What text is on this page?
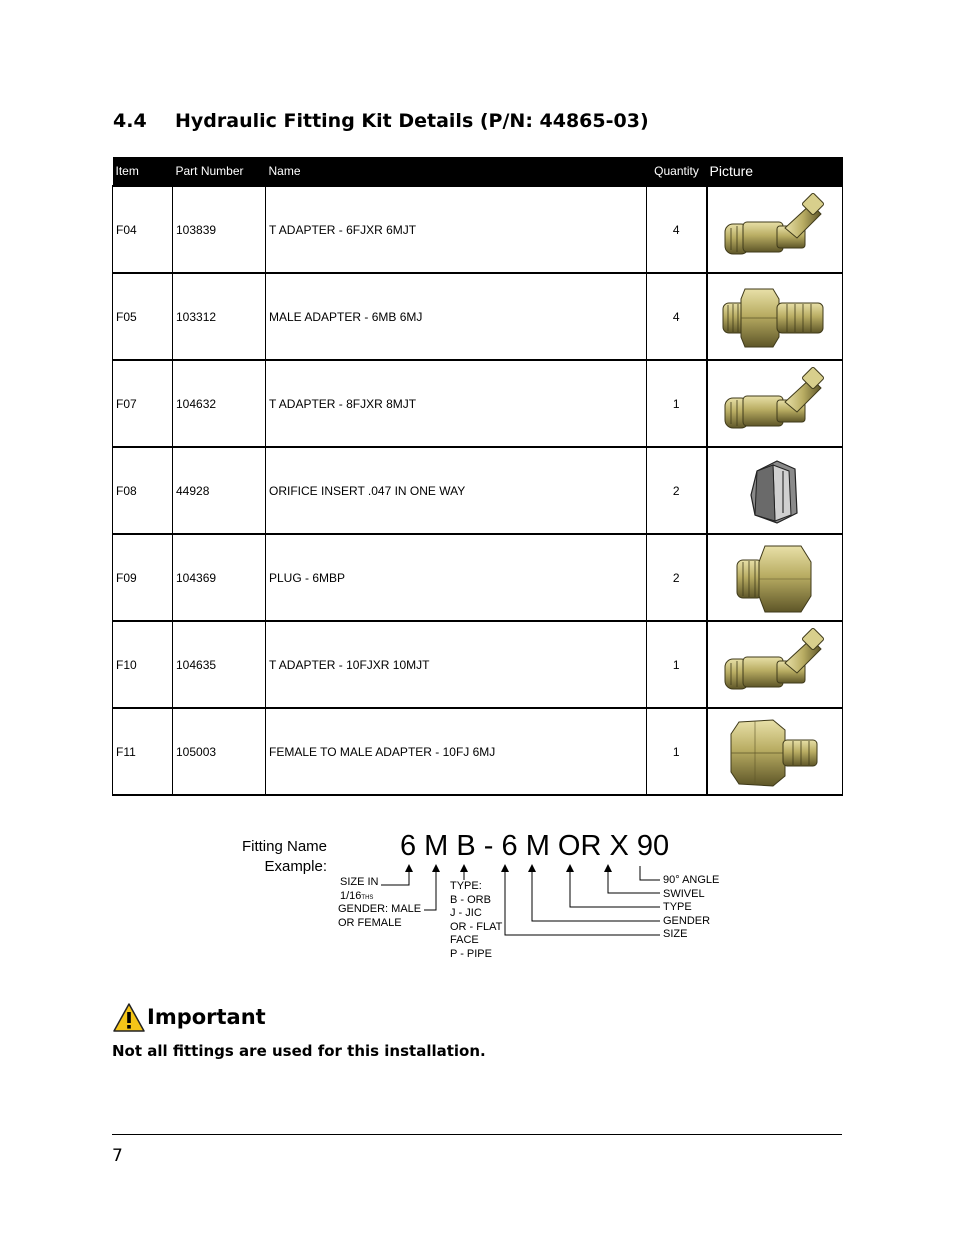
4.4 Hydraulic Fitting Kit Details (P/N: 44865-03)
Item	Part Number	Name	Quantity	Picture
F04	103839	T ADAPTER - 6FJXR 6MJT	4	

F05	103312	MALE ADAPTER - 6MB 6MJ	4	

F07	104632	T ADAPTER - 8FJXR 8MJT	1	

F08	44928	ORIFICE INSERT .047 IN ONE WAY	2	

F09	104369	PLUG - 6MBP	2	

F10	104635	T ADAPTER - 10FJXR 10MJT	1	

F11	105003	FEMALE TO MALE ADAPTER - 10FJ 6MJ	1	
Fitting Name
Example:
6 M B - 6 M OR X 90
SIZE IN
1/16THS
GENDER: MALE
OR FEMALE
TYPE:
B - ORB
J - JIC
OR - FLAT
FACE
P - PIPE
90° ANGLE
SWIVEL
TYPE
GENDER
SIZE
Important
Not all fittings are used for this installation.
7
